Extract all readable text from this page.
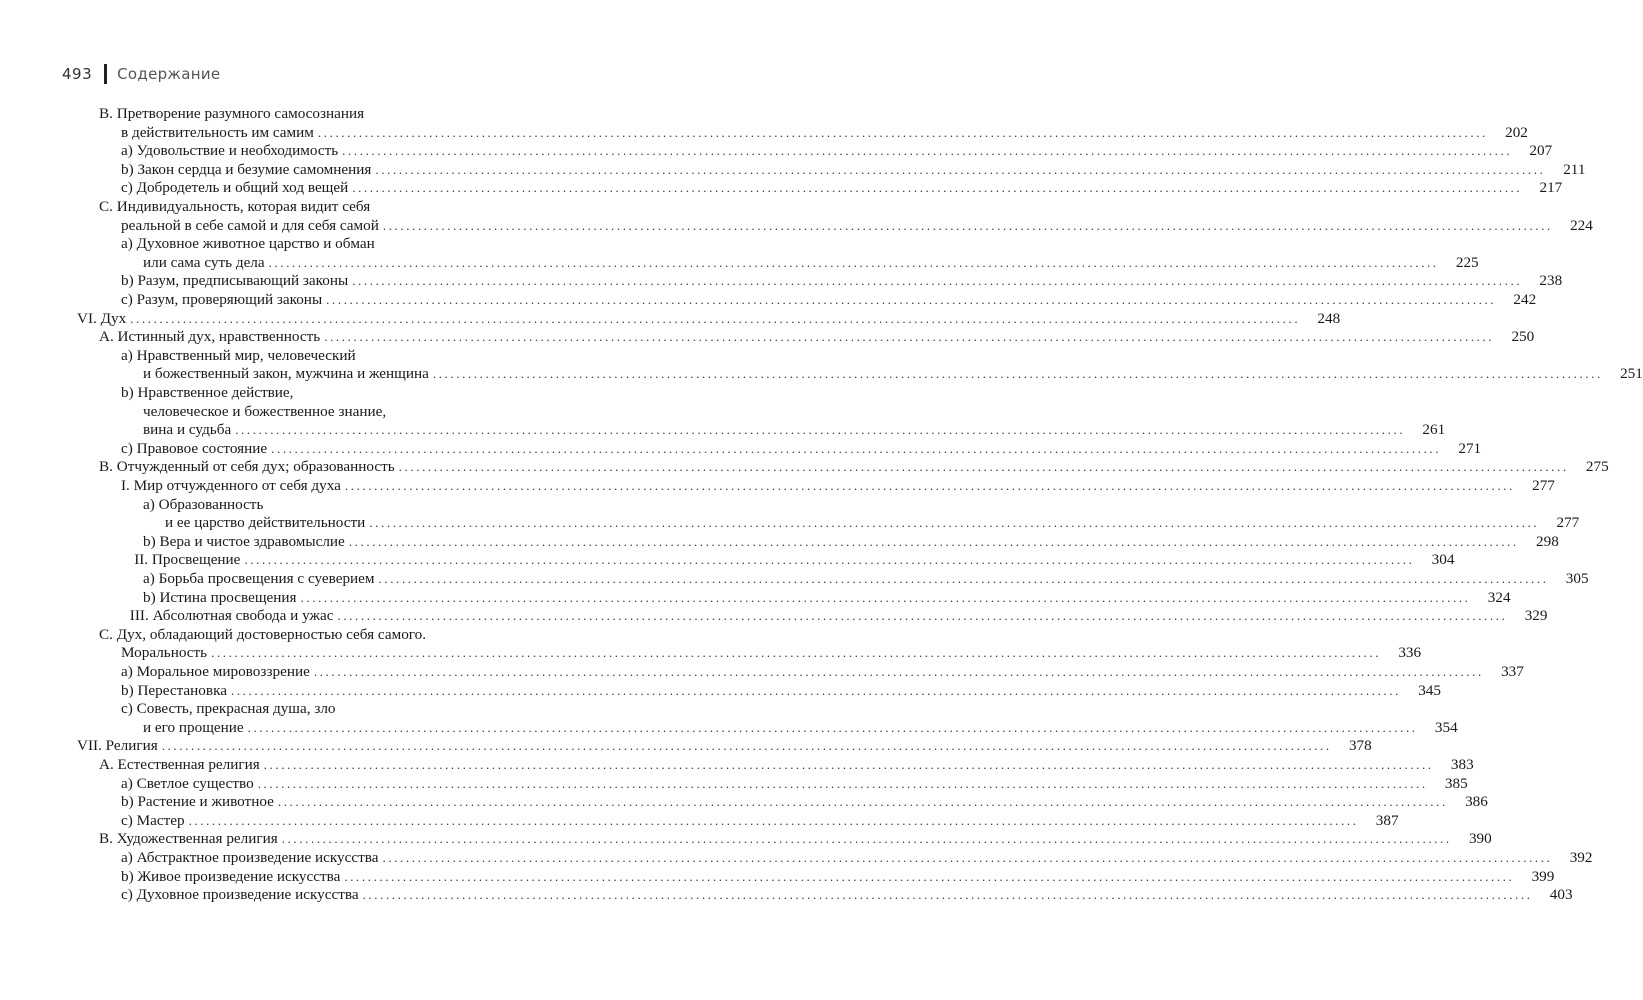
493 Содержание
B. Претворение разумного самосознания
в действительность им самим ........................................................................................................................................................................................................	202
a) Удовольствие и необходимость ........................................................................................................................................................................................................	207
b) Закон сердца и безумие самомнения ........................................................................................................................................................................................................	211
c) Добродетель и общий ход вещей ........................................................................................................................................................................................................	217
C. Индивидуальность, которая видит себя
реальной в себе самой и для себя самой ........................................................................................................................................................................................................	224
a) Духовное животное царство и обман
или сама суть дела ........................................................................................................................................................................................................	225
b) Разум, предписывающий законы ........................................................................................................................................................................................................	238
c) Разум, проверяющий законы ........................................................................................................................................................................................................	242
VI. Дух ........................................................................................................................................................................................................	248
A. Истинный дух, нравственность ........................................................................................................................................................................................................	250
a) Нравственный мир, человеческий
и божественный закон, мужчина и женщина ........................................................................................................................................................................................................	251
b) Нравственное действие,
человеческое и божественное знание,
вина и судьба ........................................................................................................................................................................................................	261
c) Правовое состояние ........................................................................................................................................................................................................	271
B. Отчужденный от себя дух; образованность ........................................................................................................................................................................................................	275
I. Мир отчужденного от себя духа ........................................................................................................................................................................................................	277
a) Образованность
и ее царство действительности ........................................................................................................................................................................................................	277
b) Вера и чистое здравомыслие ........................................................................................................................................................................................................	298
II. Просвещение ........................................................................................................................................................................................................	304
a) Борьба просвещения с суеверием ........................................................................................................................................................................................................	305
b) Истина просвещения ........................................................................................................................................................................................................	324
III. Абсолютная свобода и ужас ........................................................................................................................................................................................................	329
C. Дух, обладающий достоверностью себя самого.
Моральность ........................................................................................................................................................................................................	336
a) Моральное мировоззрение ........................................................................................................................................................................................................	337
b) Перестановка ........................................................................................................................................................................................................	345
c) Совесть, прекрасная душа, зло
и его прощение ........................................................................................................................................................................................................	354
VII. Религия ........................................................................................................................................................................................................	378
A. Естественная религия ........................................................................................................................................................................................................	383
a) Светлое существо ........................................................................................................................................................................................................	385
b) Растение и животное ........................................................................................................................................................................................................	386
c) Мастер ........................................................................................................................................................................................................	387
B. Художественная религия ........................................................................................................................................................................................................	390
a) Абстрактное произведение искусства ........................................................................................................................................................................................................	392
b) Живое произведение искусства ........................................................................................................................................................................................................	399
c) Духовное произведение искусства ........................................................................................................................................................................................................	403
